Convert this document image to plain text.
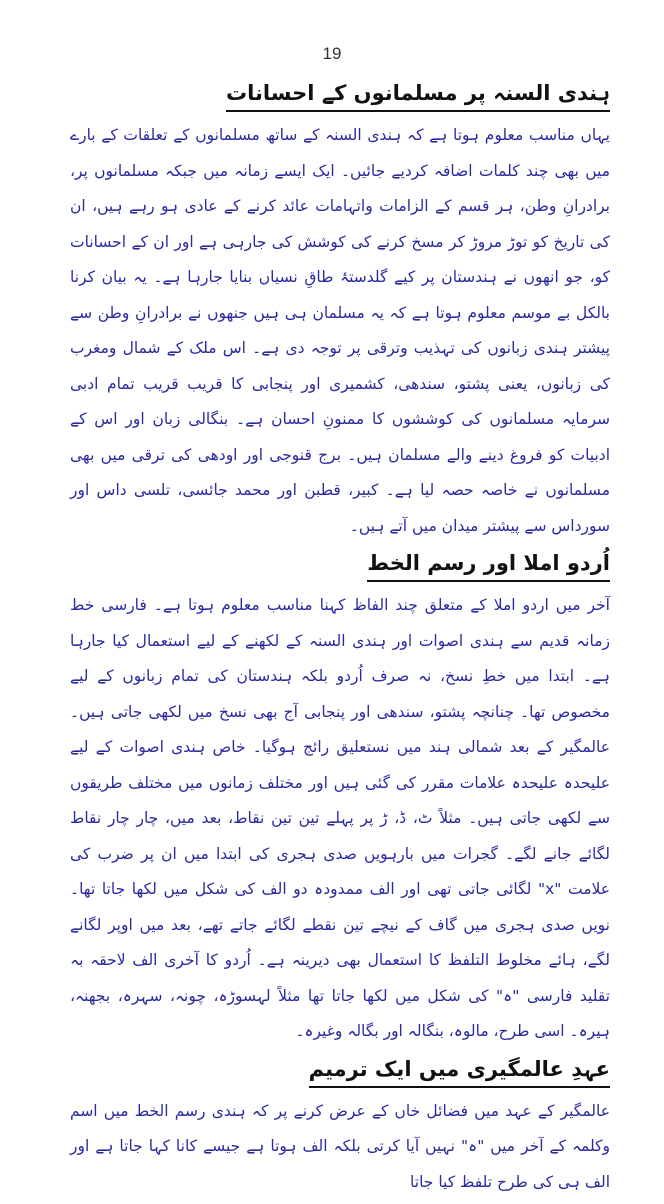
19
ہندی السنہ پر مسلمانوں کے احسانات

یہاں مناسب معلوم ہوتا ہے کہ ہندی السنہ کے ساتھ مسلمانوں کے تعلقات کے بارے میں بھی چند کلمات اضافہ کردیے جائیں۔ ایک ایسے زمانہ میں جبکہ مسلمانوں پر، برادرانِ وطن، ہر قسم کے الزامات واتہامات عائد کرنے کے عادی ہو رہے ہیں، ان کی تاریخ کو توڑ مروڑ کر مسخ کرنے کی کوشش کی جارہی ہے اور ان کے احسانات کو، جو انھوں نے ہندستان پر کیے گلدستۂ طاقِ نسیاں بنایا جارہا ہے۔ یہ بیان کرنا بالکل بے موسم معلوم ہوتا ہے کہ یہ مسلمان ہی ہیں جنھوں نے برادرانِ وطن سے پیشتر ہندی زبانوں کی تہذیب وترقی پر توجہ دی ہے۔ اس ملک کے شمال ومغرب کی زبانوں، یعنی پشتو، سندھی، کشمیری اور پنجابی کا قریب قریب تمام ادبی سرمایہ مسلمانوں کی کوششوں کا ممنونِ احسان ہے۔ بنگالی زبان اور اس کے ادبیات کو فروغ دینے والے مسلمان ہیں۔ برج قنوجی اور اودھی کی ترقی میں بھی مسلمانوں نے خاصہ حصہ لیا ہے۔ کبیر، قطبن اور محمد جائسی، تلسی داس اور سورداس سے پیشتر میدان میں آتے ہیں۔

اُردو املا اور رسم الخط

آخر میں اردو املا کے متعلق چند الفاظ کہنا مناسب معلوم ہوتا ہے۔ فارسی خط زمانہ قدیم سے ہندی اصوات اور ہندی السنہ کے لکھنے کے لیے استعمال کیا جارہا ہے۔ ابتدا میں خطِ نسخ، نہ صرف اُردو بلکہ ہندستان کی تمام زبانوں کے لیے مخصوص تھا۔ چنانچہ پشتو، سندھی اور پنجابی آج بھی نسخ میں لکھی جاتی ہیں۔ عالمگیر کے بعد شمالی ہند میں نستعلیق رائج ہوگیا۔ خاص ہندی اصوات کے لیے علیحدہ علیحدہ علامات مقرر کی گئی ہیں اور مختلف زمانوں میں مختلف طریقوں سے لکھی جاتی ہیں۔ مثلاً ٹ، ڈ، ڑ پر پہلے تین تین نقاط، بعد میں، چار چار نقاط لگائے جانے لگے۔ گجرات میں بارہویں صدی ہجری کی ابتدا میں ان پر ضرب کی علامت "x" لگائی جاتی تھی اور الف ممدودہ دو الف کی شکل میں لکھا جاتا تھا۔ نویں صدی ہجری میں گاف کے نیچے تین نقطے لگائے جاتے تھے، بعد میں اوپر لگانے لگے، ہائے مخلوط التلفظ کا استعمال بھی دیرینہ ہے۔ اُردو کا آخری الف لاحقہ بہ تقلید فارسی "ہ" کی شکل میں لکھا جاتا تھا مثلاً لہسوڑہ، چونہ، سہرہ، بجھنہ، ہیرہ۔ اسی طرح، مالوہ، بنگالہ اور بگالہ وغیرہ۔

عہدِ عالمگیری میں ایک ترمیم

عالمگیر کے عہد میں فضائل خاں کے عرض کرنے پر کہ ہندی رسم الخط میں اسم وکلمہ کے آخر میں "ہ" نہیں آیا کرتی بلکہ الف ہوتا ہے جیسے کانا کہا جاتا ہے اور الف ہی کی طرح تلفظ کیا جاتا
